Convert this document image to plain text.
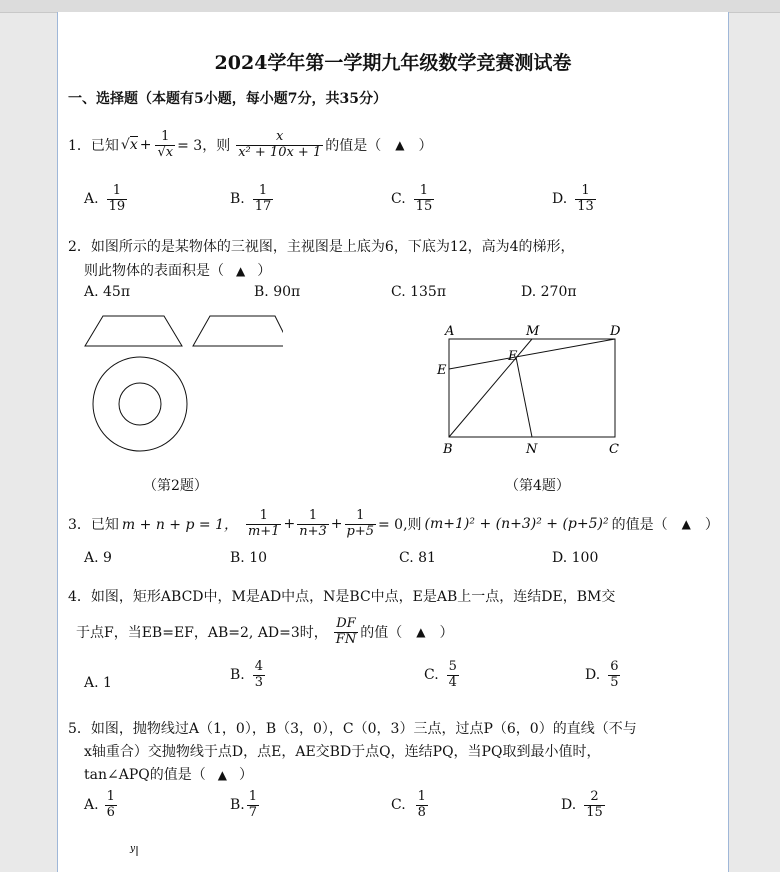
2024学年第一学期九年级数学竞赛测试卷
一、选择题（本题有5小题，每小题7分，共35分）
1．已知 $√x + \frac{1}{√x} = 3$，则 $\frac{x}{\text{x² + 10x + 1}}$ 的值是（ ▲ ）
A. $\frac{1}{19}$	B. $\frac{1}{17}$	C. $\frac{1}{15}$	D. $\frac{1}{13}$
2．如图所示的是某物体的三视图，主视图是上底为6，下底为12，高为4的梯形，
则此物体的表面积是（ ▲ ）
A. 45π	B. 90π	C. 135π	D. 270π
（第2题）
A	M	D
E
E
B	N	C
（第4题）
3．已知 m + n + p = 1， $\frac{1}{m+1} + \frac{1}{n+3} + \frac{1}{p+5} = 0$,则 (m+1)² + (n+3)² + (p+5)² 的值是（ ▲ ）
A. 9	B. 10	C. 81	D. 100
4．如图，矩形ABCD中，M是AD中点，N是BC中点，E是AB上一点，连结DE，BM交
于点F，当EB=EF，AB=2, AD=3时， $\frac{DF}{FN}$ 的值（ ▲ ）
A. 1	B. $\frac{4}{3}$	C. $\frac{5}{4}$	D. $\frac{6}{5}$
5．如图，抛物线过A（1，0），B（3，0），C（0，3）三点，过点P（6，0）的直线（不与
x轴重合）交抛物线于点D，点E，AE交BD于点Q，连结PQ，当PQ取到最小值时，
tan∠APQ的值是（ ▲ ）
A. $\frac{1}{6}$	B. $\frac{1}{7}$	C. $\frac{1}{8}$	D. $\frac{2}{15}$
y
